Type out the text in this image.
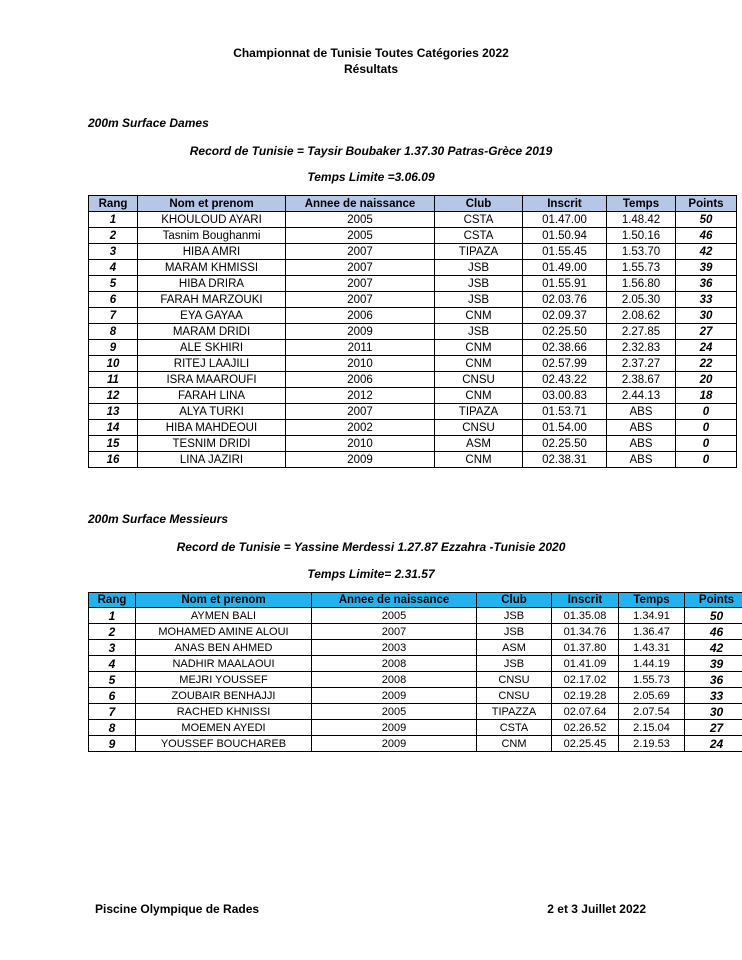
Championnat de Tunisie Toutes Catégories 2022
Résultats
200m Surface Dames
Record de Tunisie = Taysir Boubaker 1.37.30 Patras-Grèce 2019
Temps Limite =3.06.09
Rang	Nom et prenom	Annee de naissance	Club	Inscrit	Temps	Points
1	KHOULOUD AYARI	2005	CSTA	01.47.00	1.48.42	50
2	Tasnim Boughanmi	2005	CSTA	01.50.94	1.50.16	46
3	HIBA AMRI	2007	TIPAZA	01.55.45	1.53.70	42
4	MARAM KHMISSI	2007	JSB	01.49.00	1.55.73	39
5	HIBA DRIRA	2007	JSB	01.55.91	1.56.80	36
6	FARAH MARZOUKI	2007	JSB	02.03.76	2.05.30	33
7	EYA GAYAA	2006	CNM	02.09.37	2.08.62	30
8	MARAM DRIDI	2009	JSB	02.25.50	2.27.85	27
9	ALE SKHIRI	2011	CNM	02.38.66	2.32.83	24
10	RITEJ LAAJILI	2010	CNM	02.57.99	2.37.27	22
11	ISRA MAAROUFI	2006	CNSU	02.43.22	2.38.67	20
12	FARAH LINA	2012	CNM	03.00.83	2.44.13	18
13	ALYA TURKI	2007	TIPAZA	01.53.71	ABS	0
14	HIBA MAHDEOUI	2002	CNSU	01.54.00	ABS	0
15	TESNIM DRIDI	2010	ASM	02.25.50	ABS	0
16	LINA JAZIRI	2009	CNM	02.38.31	ABS	0
200m Surface Messieurs
Record de Tunisie = Yassine Merdessi 1.27.87 Ezzahra -Tunisie 2020
Temps Limite= 2.31.57
Rang	Nom et prenom	Annee de naissance	Club	Inscrit	Temps	Points
1	AYMEN BALI	2005	JSB	01.35.08	1.34.91	50
2	MOHAMED AMINE ALOUI	2007	JSB	01.34.76	1.36.47	46
3	ANAS BEN AHMED	2003	ASM	01.37.80	1.43.31	42
4	NADHIR MAALAOUI	2008	JSB	01.41.09	1.44.19	39
5	MEJRI YOUSSEF	2008	CNSU	02.17.02	1.55.73	36
6	ZOUBAIR BENHAJJI	2009	CNSU	02.19.28	2.05.69	33
7	RACHED KHNISSI	2005	TIPAZZA	02.07.64	2.07.54	30
8	MOEMEN AYEDI	2009	CSTA	02.26.52	2.15.04	27
9	YOUSSEF BOUCHAREB	2009	CNM	02.25.45	2.19.53	24
Piscine Olympique de Rades	2 et 3 Juillet 2022
